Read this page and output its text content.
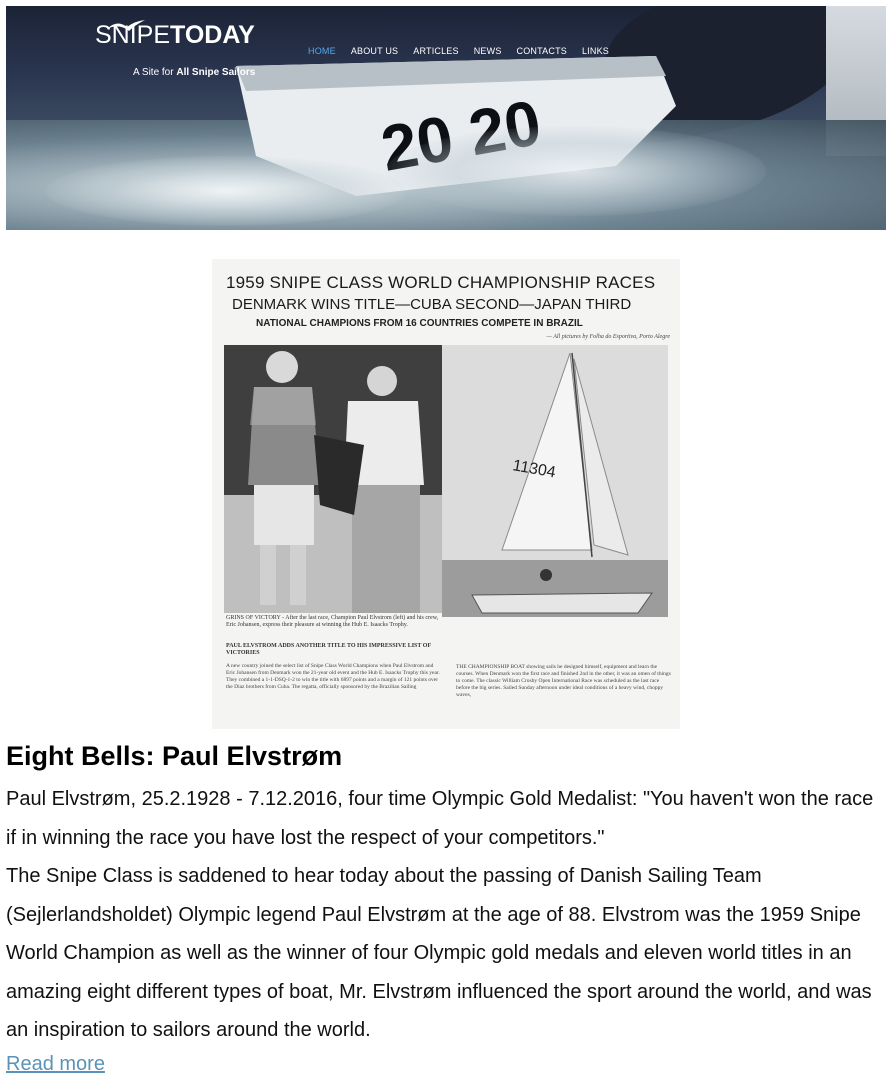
20 20
SNIPETODAY
A Site for All Snipe Sailors
HOME ABOUT US ARTICLES NEWS CONTACTS LINKS
1959 SNIPE CLASS WORLD CHAMPIONSHIP RACES
DENMARK WINS TITLE—CUBA SECOND—JAPAN THIRD
NATIONAL CHAMPIONS FROM 16 COUNTRIES COMPETE IN BRAZIL
— All pictures by Folha do Esportiva, Porto Alegre
11304
GRINS OF VICTORY - After the last race, Champion Paul Elvstrom (left) and his crew, Eric Johansen, express their pleasure at winning the Hub E. Isaacks Trophy.
PAUL ELVSTROM ADDS ANOTHER TITLE TO HIS IMPRESSIVE LIST OF VICTORIES
A new country joined the select list of Snipe Class World Champions when Paul Elvstrom and Eric Johansen from Denmark won the 21-year old event and the Hub E. Isaacks Trophy this year. They combined a 1-1-DSQ-1-2 to win the title with 6897 points and a margin of 121 points over the Diaz brothers from Cuba. The regatta, officially sponsored by the Brazilian Sailing
THE CHAMPIONSHIP BOAT showing sails he designed himself, equipment and learn the courses. When Denmark won the first race and finished 2nd in the other, it was an omen of things to come. The classic William Crosby Open International Race was scheduled as the last race before the big series. Sailed Sunday afternoon under ideal conditions of a heavy wind, choppy waves,
Eight Bells: Paul Elvstrøm

Paul Elvstrøm, 25.2.1928 - 7.12.2016, four time Olympic Gold Medalist: "You haven't won the race if in winning the race you have lost the respect of your competitors."

The Snipe Class is saddened to hear today about the passing of Danish Sailing Team (Sejlerlandsholdet) Olympic legend Paul Elvstrøm at the age of 88. Elvstrom was the 1959 Snipe World Champion as well as the winner of four Olympic gold medals and eleven world titles in an amazing eight different types of boat, Mr. Elvstrøm influenced the sport around the world, and was an inspiration to sailors around the world.

Read more
